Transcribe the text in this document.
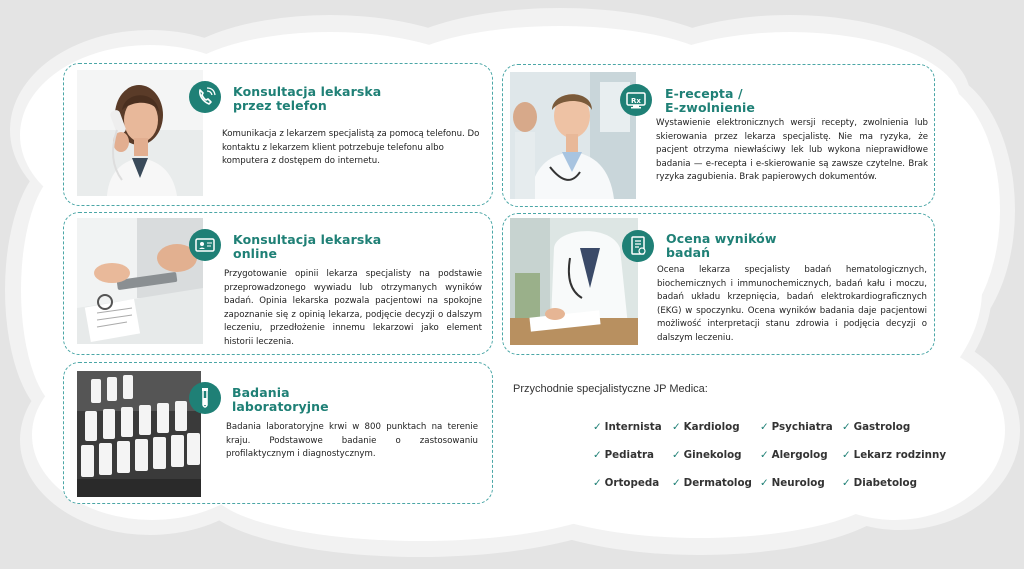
Konsultacja lekarska
przez telefon
Komunikacja z lekarzem specjalistą za pomocą telefonu. Do kontaktu z lekarzem klient potrzebuje telefonu albo komputera z dostępem do internetu.
Rx E-recepta /
E-zwolnienie
Wystawienie elektronicznych wersji recepty, zwolnienia lub skierowania przez lekarza specjalistę. Nie ma ryzyka, że pacjent otrzyma niewłaściwy lek lub wykona nieprawidłowe badania — e-recepta i e-skierowanie są zawsze czytelne. Brak ryzyka zagubienia. Brak papierowych dokumentów.
Konsultacja lekarska
online
Przygotowanie opinii lekarza specjalisty na podstawie przeprowadzonego wywiadu lub otrzymanych wyników badań. Opinia lekarska pozwala pacjentowi na spokojne zapoznanie się z opinią lekarza, podjęcie decyzji o dalszym leczeniu, przedłożenie innemu lekarzowi jako element historii leczenia.
Ocena wyników
badań
Ocena lekarza specjalisty badań hematologicznych, biochemicznych i immunochemicznych, badań kału i moczu, badań układu krzepnięcia, badań elektrokardiograficznych (EKG) w spoczynku. Ocena wyników badania daje pacjentowi możliwość interpretacji stanu zdrowia i podjęcia decyzji o dalszym leczeniu.
Badania
laboratoryjne
Badania laboratoryjne krwi w 800 punktach na terenie kraju. Podstawowe badanie o zastosowaniu profilaktycznym i diagnostycznym.
Przychodnie specjalistyczne JP Medica:
✓ Internista ✓ Kardiolog ✓ Psychiatra ✓ Gastrolog
✓ Pediatra ✓ Ginekolog ✓ Alergolog ✓ Lekarz rodzinny
✓ Ortopeda ✓ Dermatolog ✓ Neurolog ✓ Diabetolog
